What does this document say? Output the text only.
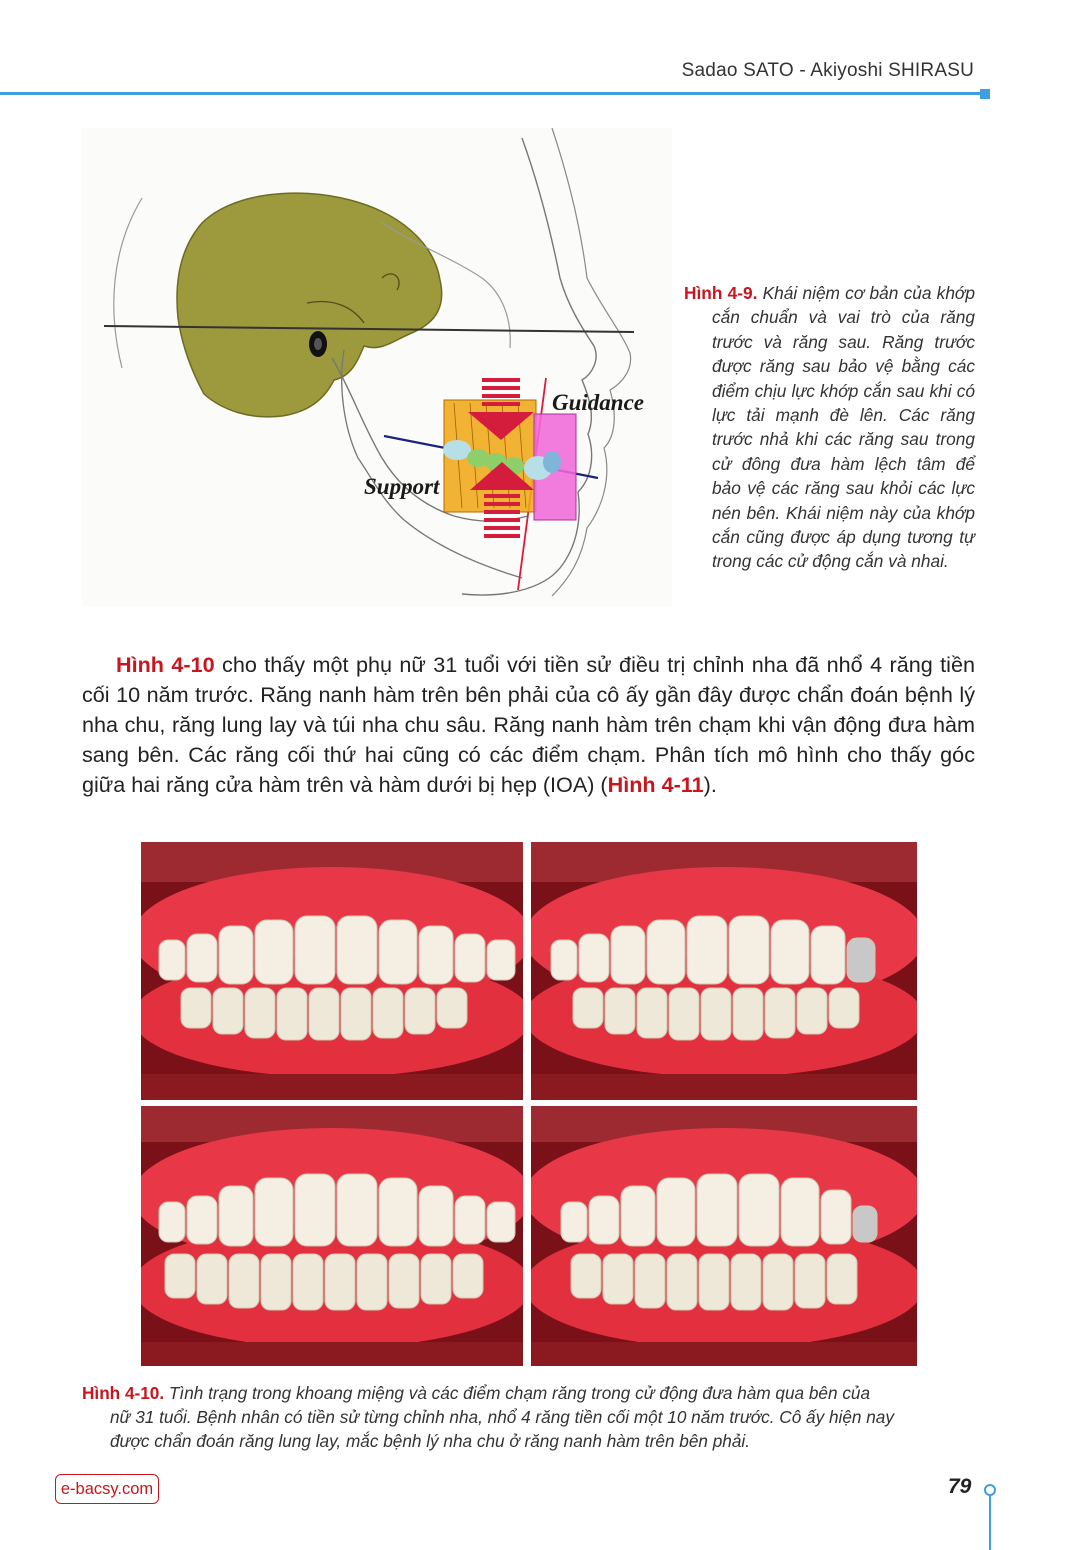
Sadao SATO - Akiyoshi SHIRASU
Guidance
Support
Hình 4-9. Khái niệm cơ bản của khớp cắn chuẩn và vai trò của răng trước và răng sau. Răng trước được răng sau bảo vệ bằng các điểm chịu lực khớp cắn sau khi có lực tải mạnh đè lên. Các răng trước nhả khi các răng sau trong cử đông đưa hàm lệch tâm để bảo vệ các răng sau khỏi các lực nén bên. Khái niệm này của khớp cắn cũng được áp dụng tương tự trong các cử động cắn và nhai.
Hình 4-10 cho thấy một phụ nữ 31 tuổi với tiền sử điều trị chỉnh nha đã nhổ 4 răng tiền cối 10 năm trước. Răng nanh hàm trên bên phải của cô ấy gần đây được chẩn đoán bệnh lý nha chu, răng lung lay và túi nha chu sâu. Răng nanh hàm trên chạm khi vận động đưa hàm sang bên. Các răng cối thứ hai cũng có các điểm chạm. Phân tích mô hình cho thấy góc giữa hai răng cửa hàm trên và hàm dưới bị hẹp (IOA) (Hình 4-11).
Hình 4-10. Tình trạng trong khoang miệng và các điểm chạm răng trong cử động đưa hàm qua bên của
nữ 31 tuổi. Bệnh nhân có tiền sử từng chỉnh nha, nhổ 4 răng tiền cối một 10 năm trước. Cô ấy hiện nay
được chẩn đoán răng lung lay, mắc bệnh lý nha chu ở răng nanh hàm trên bên phải.
e-bacsy.com	79
